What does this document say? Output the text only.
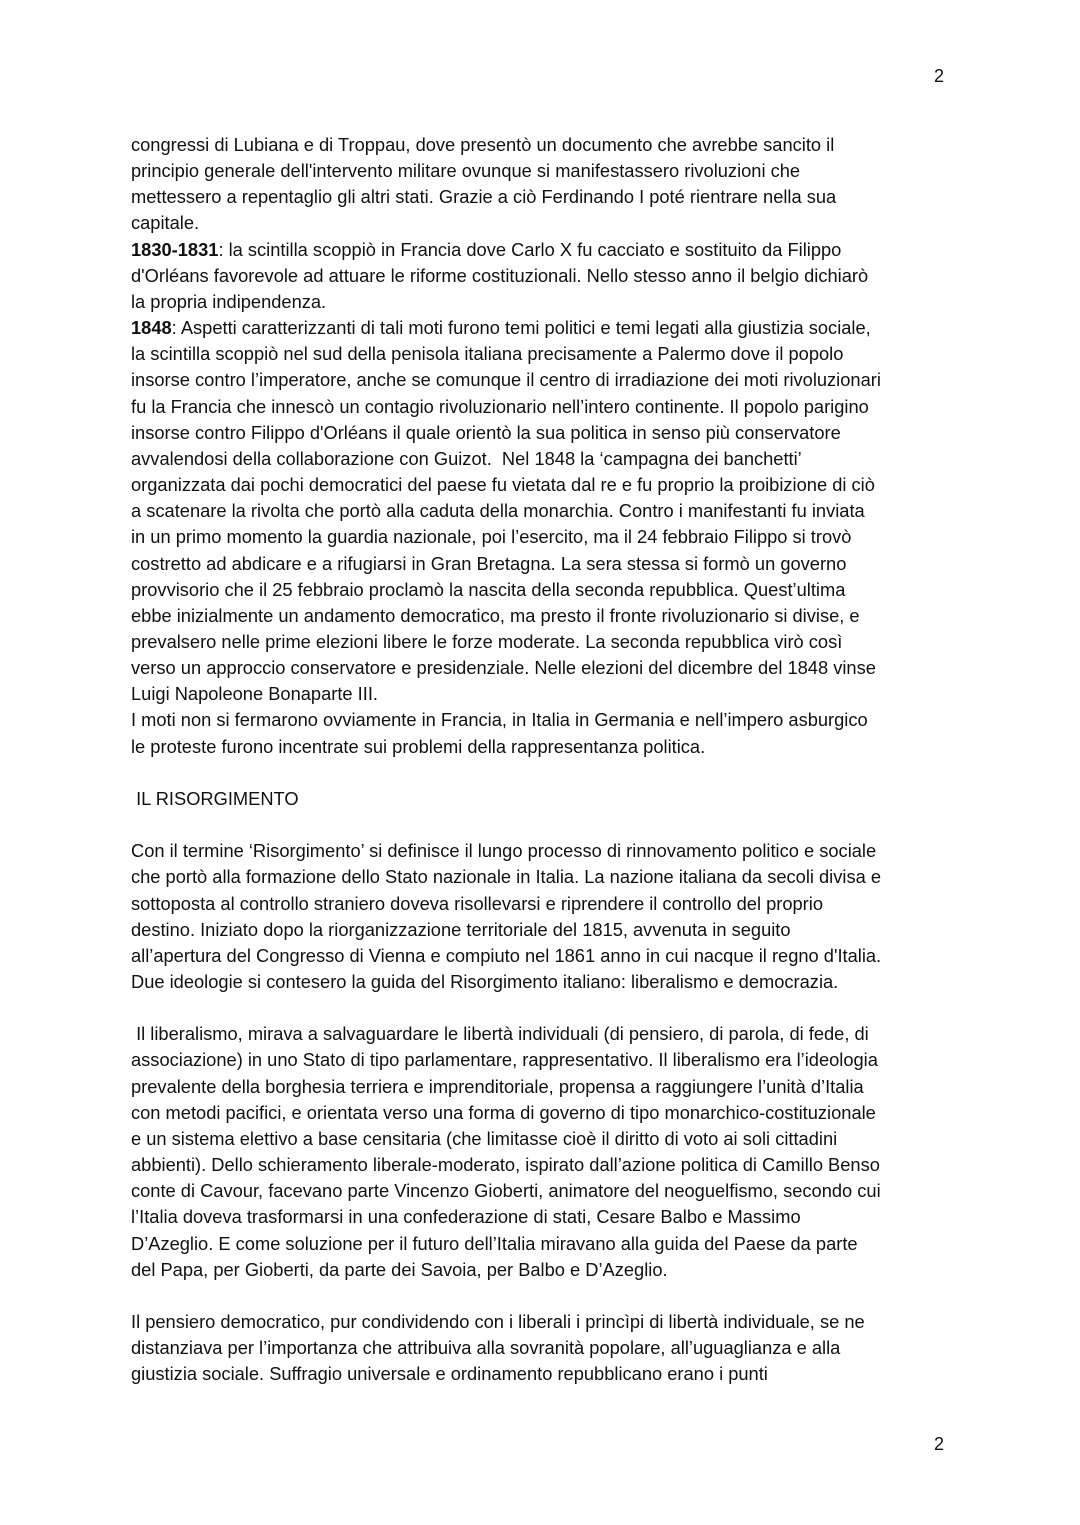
2
congressi di Lubiana e di Troppau, dove presentò un documento che avrebbe sancito il
principio generale dell'intervento militare ovunque si manifestassero rivoluzioni che
mettessero a repentaglio gli altri stati. Grazie a ciò Ferdinando I poté rientrare nella sua
capitale.
1830-1831: la scintilla scoppiò in Francia dove Carlo X fu cacciato e sostituito da Filippo
d'Orléans favorevole ad attuare le riforme costituzionali. Nello stesso anno il belgio dichiarò
la propria indipendenza.
1848: Aspetti caratterizzanti di tali moti furono temi politici e temi legati alla giustizia sociale,
la scintilla scoppiò nel sud della penisola italiana precisamente a Palermo dove il popolo
insorse contro l’imperatore, anche se comunque il centro di irradiazione dei moti rivoluzionari
fu la Francia che innescò un contagio rivoluzionario nell’intero continente. Il popolo parigino
insorse contro Filippo d'Orléans il quale orientò la sua politica in senso più conservatore
avvalendosi della collaborazione con Guizot.  Nel 1848 la ‘campagna dei banchetti’
organizzata dai pochi democratici del paese fu vietata dal re e fu proprio la proibizione di ciò
a scatenare la rivolta che portò alla caduta della monarchia. Contro i manifestanti fu inviata
in un primo momento la guardia nazionale, poi l’esercito, ma il 24 febbraio Filippo si trovò
costretto ad abdicare e a rifugiarsi in Gran Bretagna. La sera stessa si formò un governo
provvisorio che il 25 febbraio proclamò la nascita della seconda repubblica. Quest’ultima
ebbe inizialmente un andamento democratico, ma presto il fronte rivoluzionario si divise, e
prevalsero nelle prime elezioni libere le forze moderate. La seconda repubblica virò così
verso un approccio conservatore e presidenziale. Nelle elezioni del dicembre del 1848 vinse
Luigi Napoleone Bonaparte III.
I moti non si fermarono ovviamente in Francia, in Italia in Germania e nell’impero asburgico
le proteste furono incentrate sui problemi della rappresentanza politica.
IL RISORGIMENTO
Con il termine ‘Risorgimento’ si definisce il lungo processo di rinnovamento politico e sociale
che portò alla formazione dello Stato nazionale in Italia. La nazione italiana da secoli divisa e
sottoposta al controllo straniero doveva risollevarsi e riprendere il controllo del proprio
destino. Iniziato dopo la riorganizzazione territoriale del 1815, avvenuta in seguito
all’apertura del Congresso di Vienna e compiuto nel 1861 anno in cui nacque il regno d'Italia.
Due ideologie si contesero la guida del Risorgimento italiano: liberalismo e democrazia.
Il liberalismo, mirava a salvaguardare le libertà individuali (di pensiero, di parola, di fede, di
associazione) in uno Stato di tipo parlamentare, rappresentativo. Il liberalismo era l’ideologia
prevalente della borghesia terriera e imprenditoriale, propensa a raggiungere l’unità d’Italia
con metodi pacifici, e orientata verso una forma di governo di tipo monarchico-costituzionale
e un sistema elettivo a base censitaria (che limitasse cioè il diritto di voto ai soli cittadini
abbienti). Dello schieramento liberale-moderato, ispirato dall’azione politica di Camillo Benso
conte di Cavour, facevano parte Vincenzo Gioberti, animatore del neoguelfismo, secondo cui
l’Italia doveva trasformarsi in una confederazione di stati, Cesare Balbo e Massimo
D’Azeglio. E come soluzione per il futuro dell’Italia miravano alla guida del Paese da parte
del Papa, per Gioberti, da parte dei Savoia, per Balbo e D’Azeglio.
Il pensiero democratico, pur condividendo con i liberali i princìpi di libertà individuale, se ne
distanziava per l’importanza che attribuiva alla sovranità popolare, all’uguaglianza e alla
giustizia sociale. Suffragio universale e ordinamento repubblicano erano i punti
2
